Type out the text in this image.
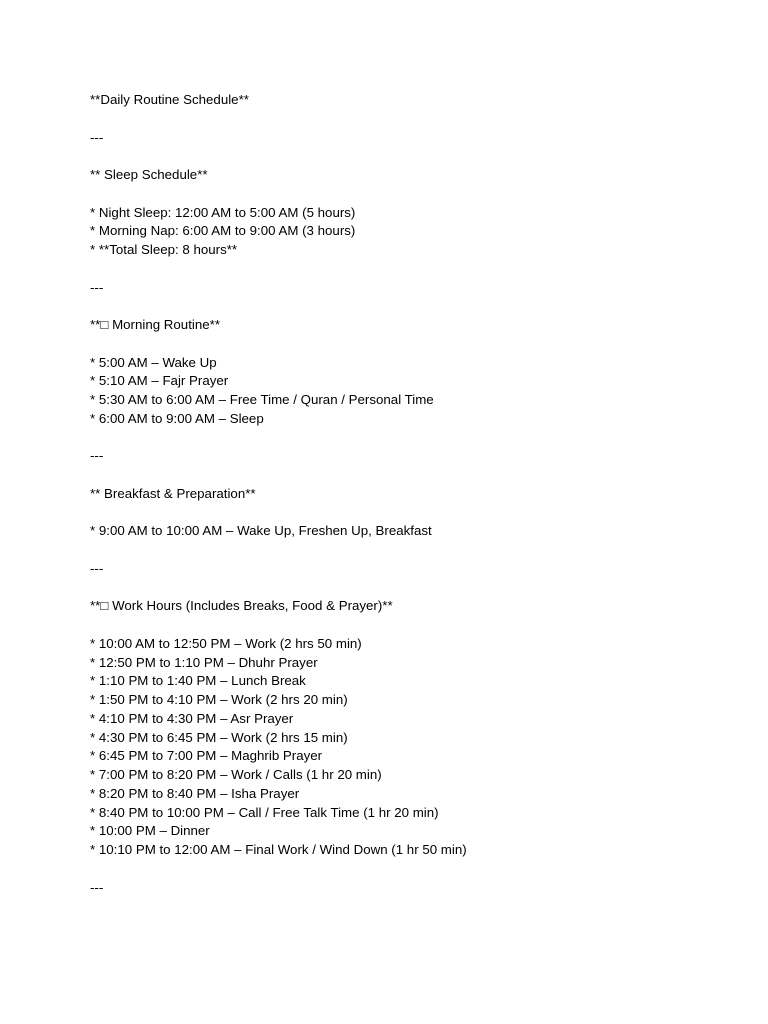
**Daily Routine Schedule**
---
** Sleep Schedule**
* Night Sleep: 12:00 AM to 5:00 AM (5 hours)
* Morning Nap: 6:00 AM to 9:00 AM (3 hours)
* **Total Sleep: 8 hours**
---
**□ Morning Routine**
* 5:00 AM – Wake Up
* 5:10 AM – Fajr Prayer
* 5:30 AM to 6:00 AM – Free Time / Quran / Personal Time
* 6:00 AM to 9:00 AM – Sleep
---
** Breakfast & Preparation**
* 9:00 AM to 10:00 AM – Wake Up, Freshen Up, Breakfast
---
**□ Work Hours (Includes Breaks, Food & Prayer)**
* 10:00 AM to 12:50 PM – Work (2 hrs 50 min)
* 12:50 PM to 1:10 PM – Dhuhr Prayer
* 1:10 PM to 1:40 PM – Lunch Break
* 1:50 PM to 4:10 PM – Work (2 hrs 20 min)
* 4:10 PM to 4:30 PM – Asr Prayer
* 4:30 PM to 6:45 PM – Work (2 hrs 15 min)
* 6:45 PM to 7:00 PM – Maghrib Prayer
* 7:00 PM to 8:20 PM – Work / Calls (1 hr 20 min)
* 8:20 PM to 8:40 PM – Isha Prayer
* 8:40 PM to 10:00 PM – Call / Free Talk Time (1 hr 20 min)
* 10:00 PM – Dinner
* 10:10 PM to 12:00 AM – Final Work / Wind Down (1 hr 50 min)
---
